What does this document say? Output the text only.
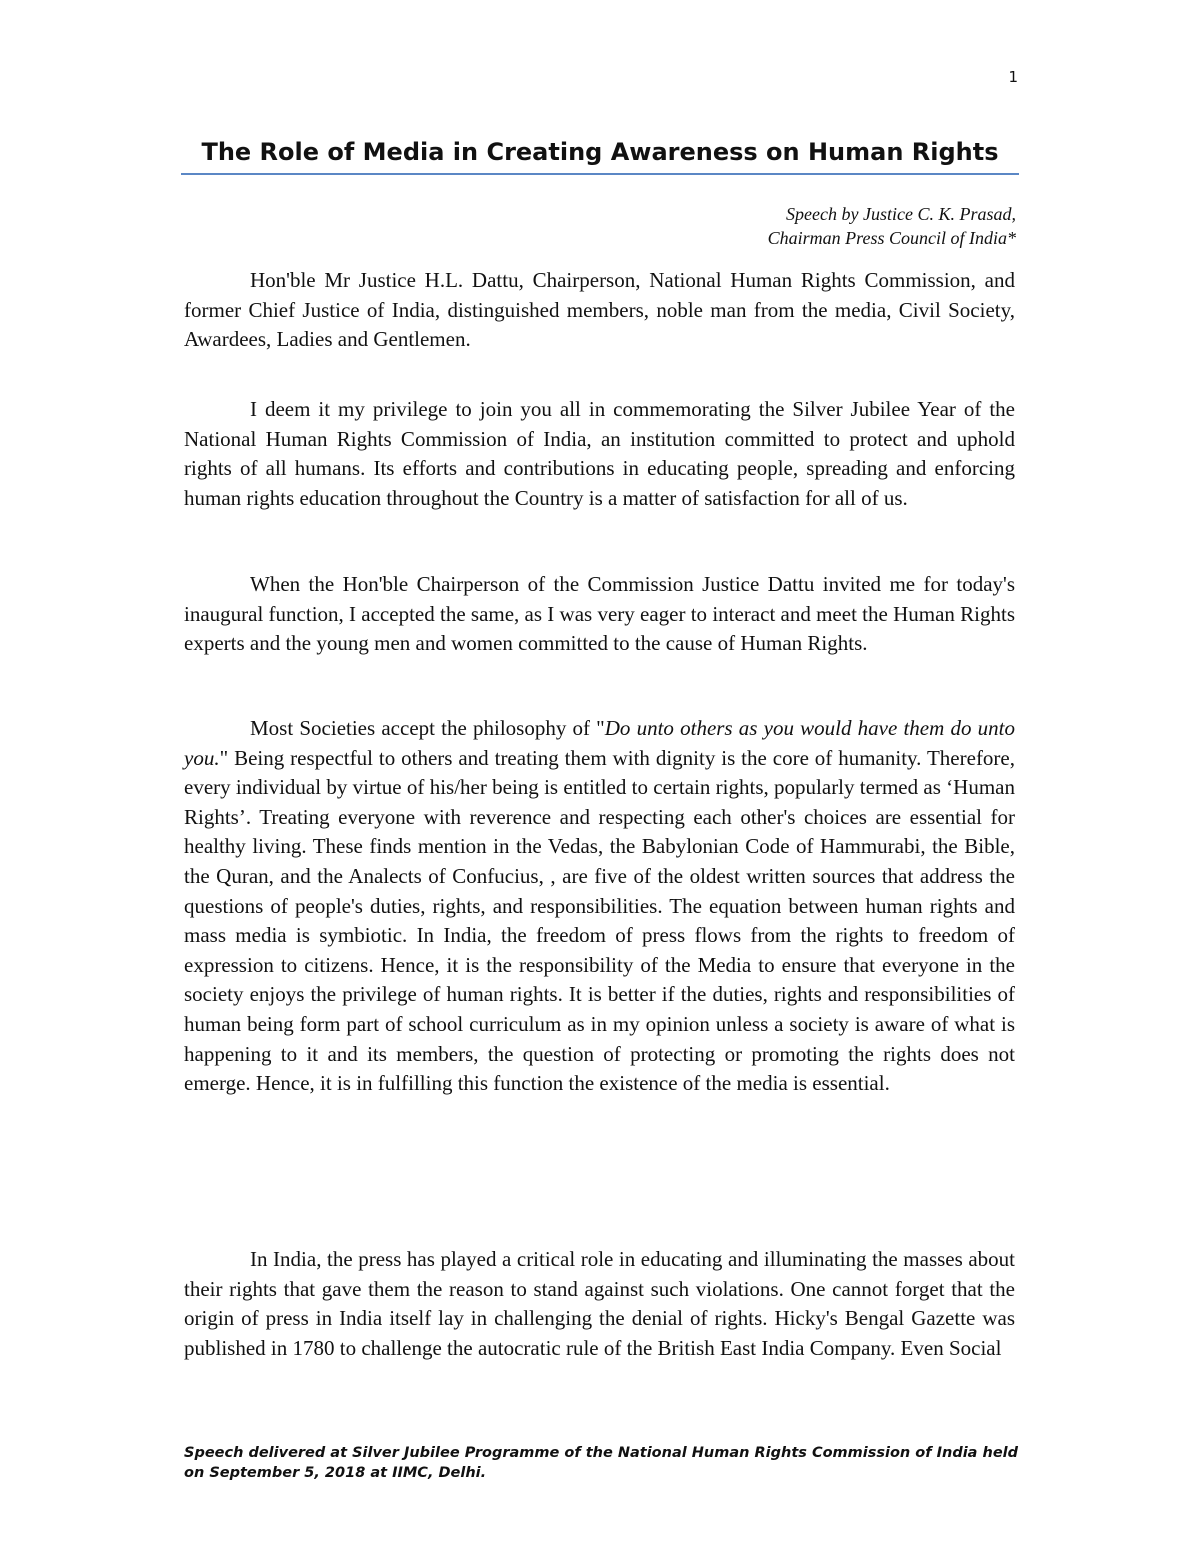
1
The Role of Media in Creating Awareness on Human Rights
Speech by Justice C. K. Prasad,
Chairman Press Council of India*

Hon'ble Mr Justice H.L. Dattu, Chairperson, National Human Rights Commission, and former Chief Justice of India, distinguished members, noble man from the media, Civil Society, Awardees, Ladies and Gentlemen.

I deem it my privilege to join you all in commemorating the Silver Jubilee Year of the National Human Rights Commission of India, an institution committed to protect and uphold rights of all humans. Its efforts and contributions in educating people, spreading and enforcing human rights education throughout the Country is a matter of satisfaction for all of us.

When the Hon'ble Chairperson of the Commission Justice Dattu invited me for today's inaugural function, I accepted the same, as I was very eager to interact and meet the Human Rights experts and the young men and women committed to the cause of Human Rights.

Most Societies accept the philosophy of "Do unto others as you would have them do unto you." Being respectful to others and treating them with dignity is the core of humanity. Therefore, every individual by virtue of his/her being is entitled to certain rights, popularly termed as ‘Human Rights’. Treating everyone with reverence and respecting each other's choices are essential for healthy living. These finds mention in the Vedas, the Babylonian Code of Hammurabi, the Bible, the Quran, and the Analects of Confucius, , are five of the oldest written sources that address the questions of people's duties, rights, and responsibilities. The equation between human rights and mass media is symbiotic. In India, the freedom of press flows from the rights to freedom of expression to citizens. Hence, it is the responsibility of the Media to ensure that everyone in the society enjoys the privilege of human rights. It is better if the duties, rights and responsibilities of human being form part of school curriculum as in my opinion unless a society is aware of what is happening to it and its members, the question of protecting or promoting the rights does not emerge. Hence, it is in fulfilling this function the existence of the media is essential.

In India, the press has played a critical role in educating and illuminating the masses about their rights that gave them the reason to stand against such violations. One cannot forget that the origin of press in India itself lay in challenging the denial of rights. Hicky's Bengal Gazette was published in 1780 to challenge the autocratic rule of the British East India Company. Even Social

Speech delivered at Silver Jubilee Programme of the National Human Rights Commission of India held on September 5, 2018 at IIMC, Delhi.
